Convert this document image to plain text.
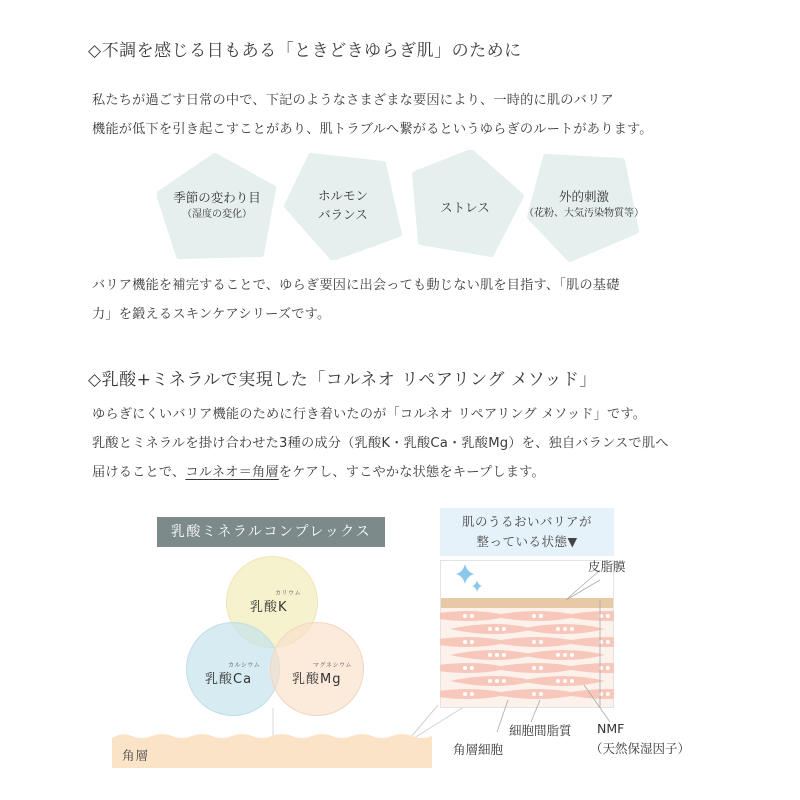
◇不調を感じる日もある「ときどきゆらぎ肌」のために
私たちが過ごす日常の中で、下記のようなさまざまな要因により、一時的に肌のバリア
機能が低下を引き起こすことがあり、肌トラブルへ繋がるというゆらぎのルートがあります。
季節の変わり目
（湿度の変化）
ホルモン
バランス	ストレス
外的刺激
（花粉、大気汚染物質等）
バリア機能を補完することで、ゆらぎ要因に出会っても動じない肌を目指す、「肌の基礎
力」を鍛えるスキンケアシリーズです。
◇乳酸+ミネラルで実現した「コルネオ リペアリング メソッド」
ゆらぎにくいバリア機能のために行き着いたのが「コルネオ リペアリング メソッド」です。
乳酸とミネラルを掛け合わせた3種の成分（乳酸K・乳酸Ca・乳酸Mg）を、独自バランスで肌へ
届けることで、コルネオ＝角層をケアし、すこやかな状態をキープします。
乳酸ミネラルコンプレックス
カリウム
乳酸K
カルシウム
乳酸Ca
マグネシウム
乳酸Mg
角層
肌のうるおいバリアが
整っている状態▼
皮脂膜
細胞間脂質
角層細胞
NMF
（天然保湿因子）
